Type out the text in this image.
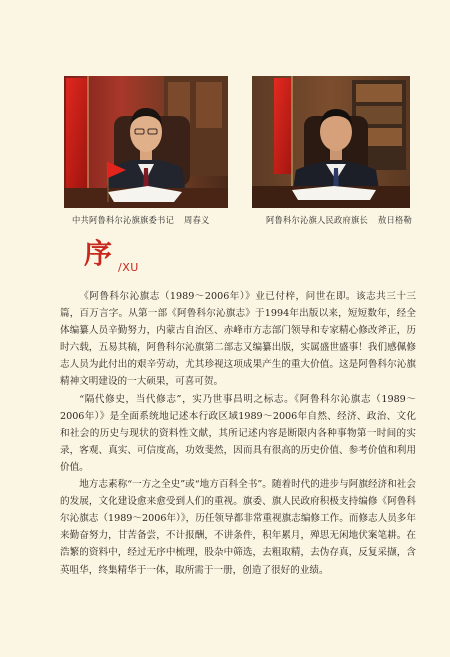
中共阿鲁科尔沁旗旗委书记 周春义	阿鲁科尔沁旗人民政府旗长 敖日格勒
序 /XU

《阿鲁科尔沁旗志（1989～2006年）》业已付梓，问世在即。该志共三十三篇，百万言字。从第一部《阿鲁科尔沁旗志》于1994年出版以来，短短数年，经全体编纂人员辛勤努力，内蒙古自治区、赤峰市方志部门领导和专家精心修改斧正，历时六载，五易其稿，阿鲁科尔沁旗第二部志又编纂出版，实属盛世盛事！我们感佩修志人员为此付出的艰辛劳动，尤其珍视这项成果产生的重大价值。这是阿鲁科尔沁旗精神文明建设的一大硕果，可喜可贺。

“隔代修史，当代修志”，实乃世事昌明之标志。《阿鲁科尔沁旗志（1989～2006年）》是全面系统地记述本行政区域1989～2006年自然、经济、政治、文化和社会的历史与现状的资料性文献，其所记述内容是断限内各种事物第一时间的实录，客观、真实、可信度高，功效斐然，因而具有很高的历史价值、参考价值和利用价值。

地方志素称“一方之全史”或“地方百科全书”。随着时代的进步与阿旗经济和社会的发展，文化建设愈来愈受到人们的重视。旗委、旗人民政府积极支持编修《阿鲁科尔沁旗志（1989～2006年）》，历任领导都非常重视旗志编修工作。而修志人员多年来勤奋努力，甘苦备尝，不计报酬，不讲条件，积年累月，殚思无闲地伏案笔耕。在浩繁的资料中，经过无序中梳理，股杂中筛选，去粗取精，去伪存真，反复采撷，含英咀华，终集精华于一体，取所需于一册，创造了很好的业绩。
